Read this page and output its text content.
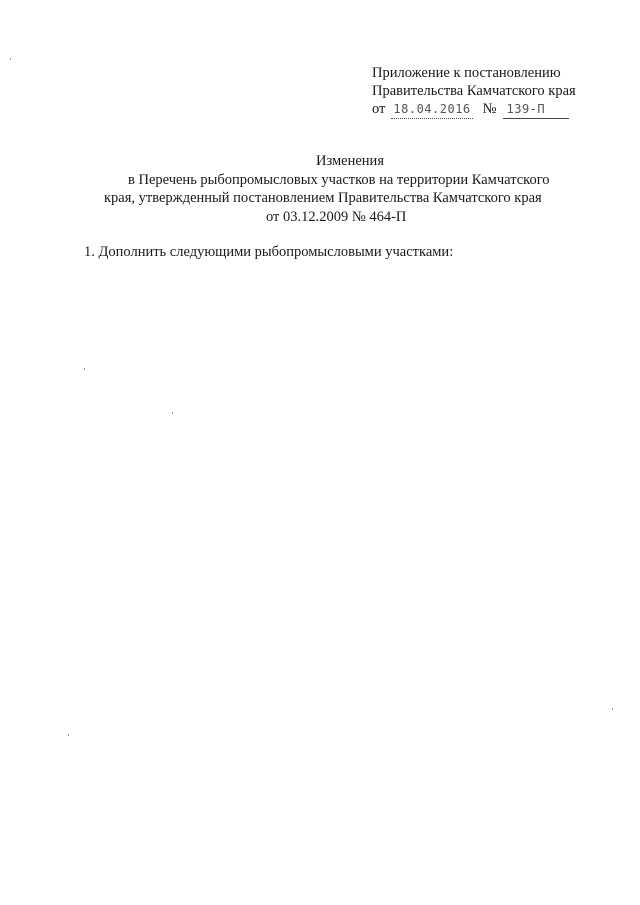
Приложение к постановлению
Правительства Камчатского края
от 18.04.2016 № 139-П
Изменения
в Перечень рыбопромысловых участков на территории Камчатского
края, утвержденный постановлением Правительства Камчатского края
от 03.12.2009 № 464-П
1. Дополнить следующими рыбопромысловыми участками:
